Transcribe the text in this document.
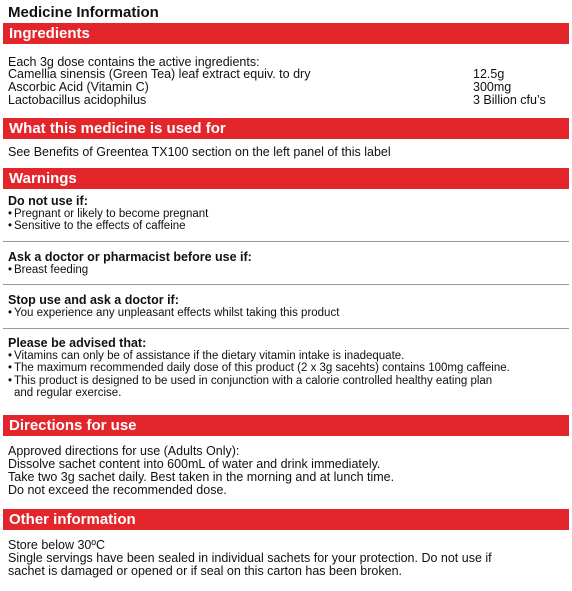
Medicine Information
Ingredients
Each 3g dose contains the active ingredients:
Camellia sinensis (Green Tea) leaf extract equiv. to dry	12.5g
Ascorbic Acid (Vitamin C)	300mg
Lactobacillus acidophilus	3 Billion cfu’s
What this medicine is used for
See Benefits of Greentea TX100 section on the left panel of this label
Warnings
Do not use if:
• Pregnant or likely to become pregnant
• Sensitive to the effects of caffeine
Ask a doctor or pharmacist before use if:
• Breast feeding
Stop use and ask a doctor if:
• You experience any unpleasant effects whilst taking this product
Please be advised that:
• Vitamins can only be of assistance if the dietary vitamin intake is inadequate.
• The maximum recommended daily dose of this product (2 x 3g sacehts) contains 100mg caffeine.
• This product is designed to be used in conjunction with a calorie controlled healthy eating plan
and regular exercise.
Directions for use
Approved directions for use (Adults Only):
Dissolve sachet content into 600mL of water and drink immediately.
Take two 3g sachet daily. Best taken in the morning and at lunch time.
Do not exceed the recommended dose.
Other information
Store below 30ºC
Single servings have been sealed in individual sachets for your protection. Do not use if
sachet is damaged or opened or if seal on this carton has been broken.
